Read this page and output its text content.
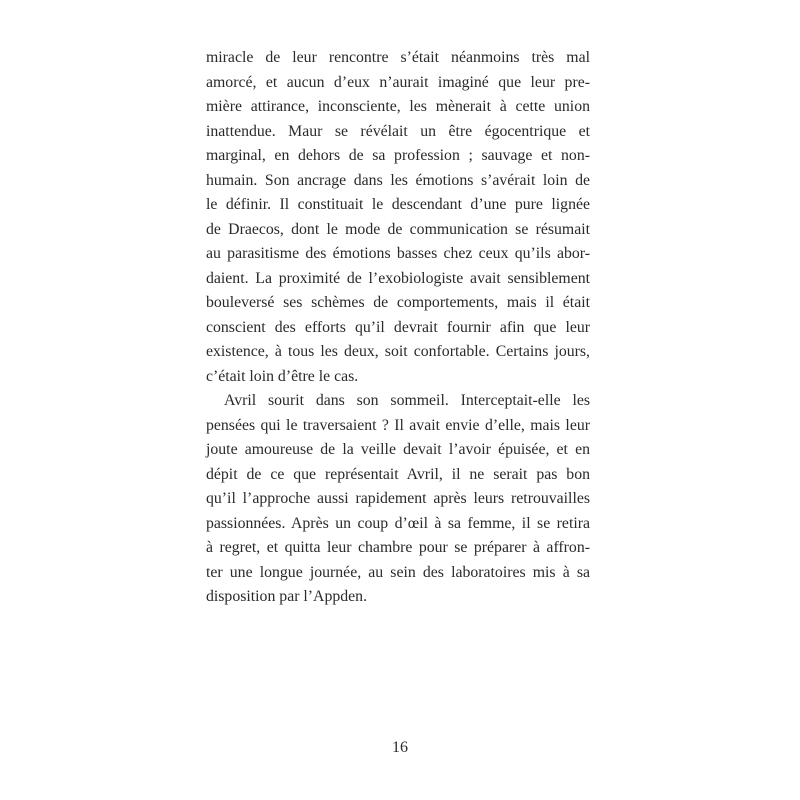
miracle de leur rencontre s’était néanmoins très mal
amorcé, et aucun d’eux n’aurait imaginé que leur pre-
mière attirance, inconsciente, les mènerait à cette union
inattendue. Maur se révélait un être égocentrique et
marginal, en dehors de sa profession ; sauvage et non-
humain. Son ancrage dans les émotions s’avérait loin de
le définir. Il constituait le descendant d’une pure lignée
de Draecos, dont le mode de communication se résumait
au parasitisme des émotions basses chez ceux qu’ils abor-
daient. La proximité de l’exobiologiste avait sensiblement
bouleversé ses schèmes de comportements, mais il était
conscient des efforts qu’il devrait fournir afin que leur
existence, à tous les deux, soit confortable. Certains jours,
c’était loin d’être le cas.
Avril sourit dans son sommeil. Interceptait-elle les
pensées qui le traversaient ? Il avait envie d’elle, mais leur
joute amoureuse de la veille devait l’avoir épuisée, et en
dépit de ce que représentait Avril, il ne serait pas bon
qu’il l’approche aussi rapidement après leurs retrouvailles
passionnées. Après un coup d’œil à sa femme, il se retira
à regret, et quitta leur chambre pour se préparer à affron-
ter une longue journée, au sein des laboratoires mis à sa
disposition par l’Appden.
16
